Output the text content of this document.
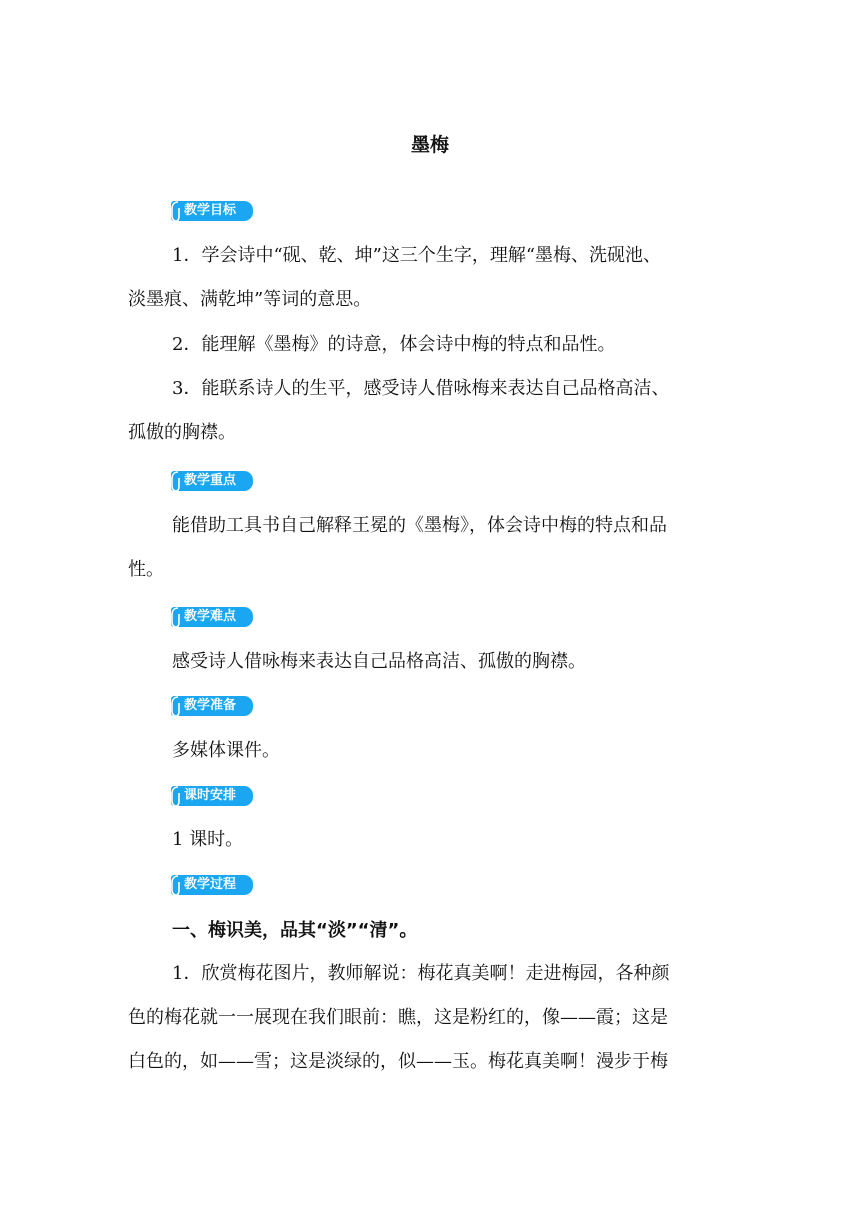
墨梅
教学目标
1．学会诗中“砚、乾、坤”这三个生字，理解“墨梅、洗砚池、
淡墨痕、满乾坤”等词的意思。
2．能理解《墨梅》的诗意，体会诗中梅的特点和品性。
3．能联系诗人的生平，感受诗人借咏梅来表达自己品格高洁、
孤傲的胸襟。
教学重点
能借助工具书自己解释王冕的《墨梅》，体会诗中梅的特点和品
性。
教学难点
感受诗人借咏梅来表达自己品格高洁、孤傲的胸襟。
教学准备
多媒体课件。
课时安排
1 课时。
教学过程
一、梅识美，品其“淡”“清”。
1．欣赏梅花图片，教师解说：梅花真美啊！走进梅园，各种颜
色的梅花就一一展现在我们眼前：瞧，这是粉红的，像——霞；这是
白色的，如——雪；这是淡绿的，似——玉。梅花真美啊！漫步于梅
